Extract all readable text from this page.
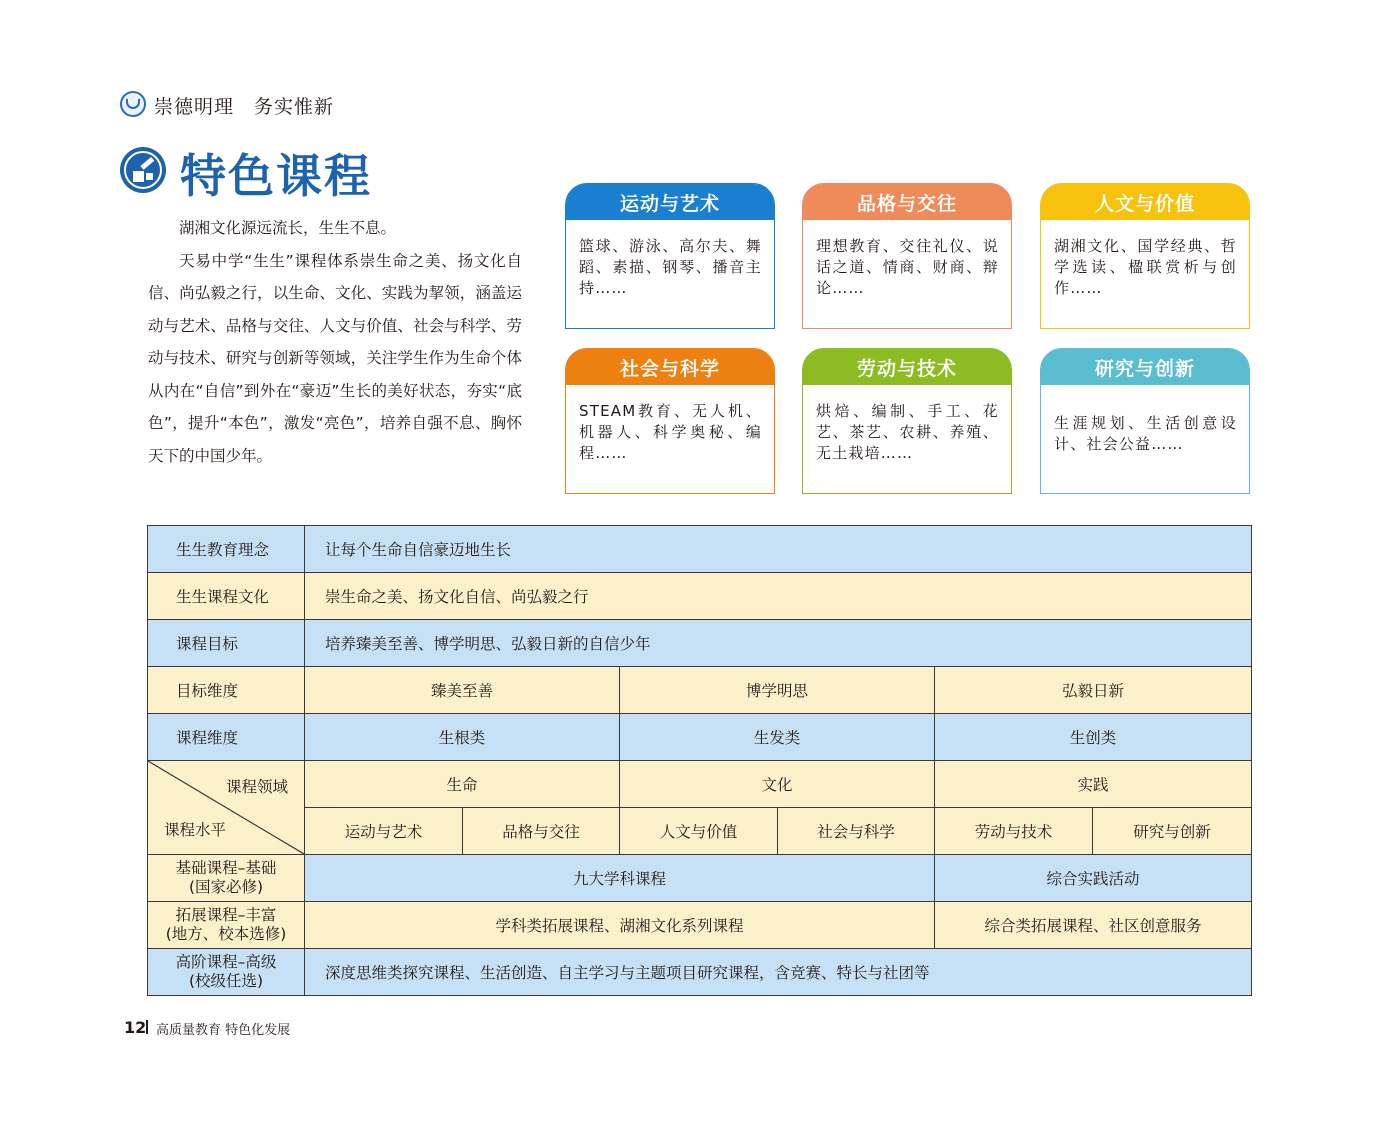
崇德明理　务实惟新
特色课程

湖湘文化源远流长，生生不息。

天易中学“生生”课程体系崇生命之美、扬文化自信、尚弘毅之行，以生命、文化、实践为挈领，涵盖运动与艺术、品格与交往、人文与价值、社会与科学、劳动与技术、研究与创新等领域，关注学生作为生命个体从内在“自信”到外在“豪迈”生长的美好状态，夯实“底色”，提升“本色”，激发“亮色”，培养自强不息、胸怀天下的中国少年。

运动与艺术
篮球、游泳、高尔夫、舞蹈、素描、钢琴、播音主持……
品格与交往
理想教育、交往礼仪、说话之道、情商、财商、辩论……
人文与价值
湖湘文化、国学经典、哲学选读、楹联赏析与创作……
社会与科学
STEAM教育、无人机、机器人、科学奥秘、编程……
劳动与技术
烘焙、编制、手工、花艺、茶艺、农耕、养殖、无土栽培……
研究与创新
生涯规划、生活创意设计、社会公益……
生生教育理念	让每个生命自信豪迈地生长					
生生课程文化	崇生命之美、扬文化自信、尚弘毅之行					
课程目标	培养臻美至善、博学明思、弘毅日新的自信少年					
目标维度	臻美至善		博学明思		弘毅日新	
课程维度	生根类		生发类		生创类	

课程领域
课程水平	生命		文化		实践	
	运动与艺术	品格与交往	人文与价值	社会与科学	劳动与技术	研究与创新
基础课程–基础
(国家必修)	九大学科课程				综合实践活动	
拓展课程–丰富
(地方、校本选修)	学科类拓展课程、湖湘文化系列课程				综合类拓展课程、社区创意服务	
高阶课程–高级
(校级任选)	深度思维类探究课程、生活创造、自主学习与主题项目研究课程，含竞赛、特长与社团等					
12 高质量教育 特色化发展
